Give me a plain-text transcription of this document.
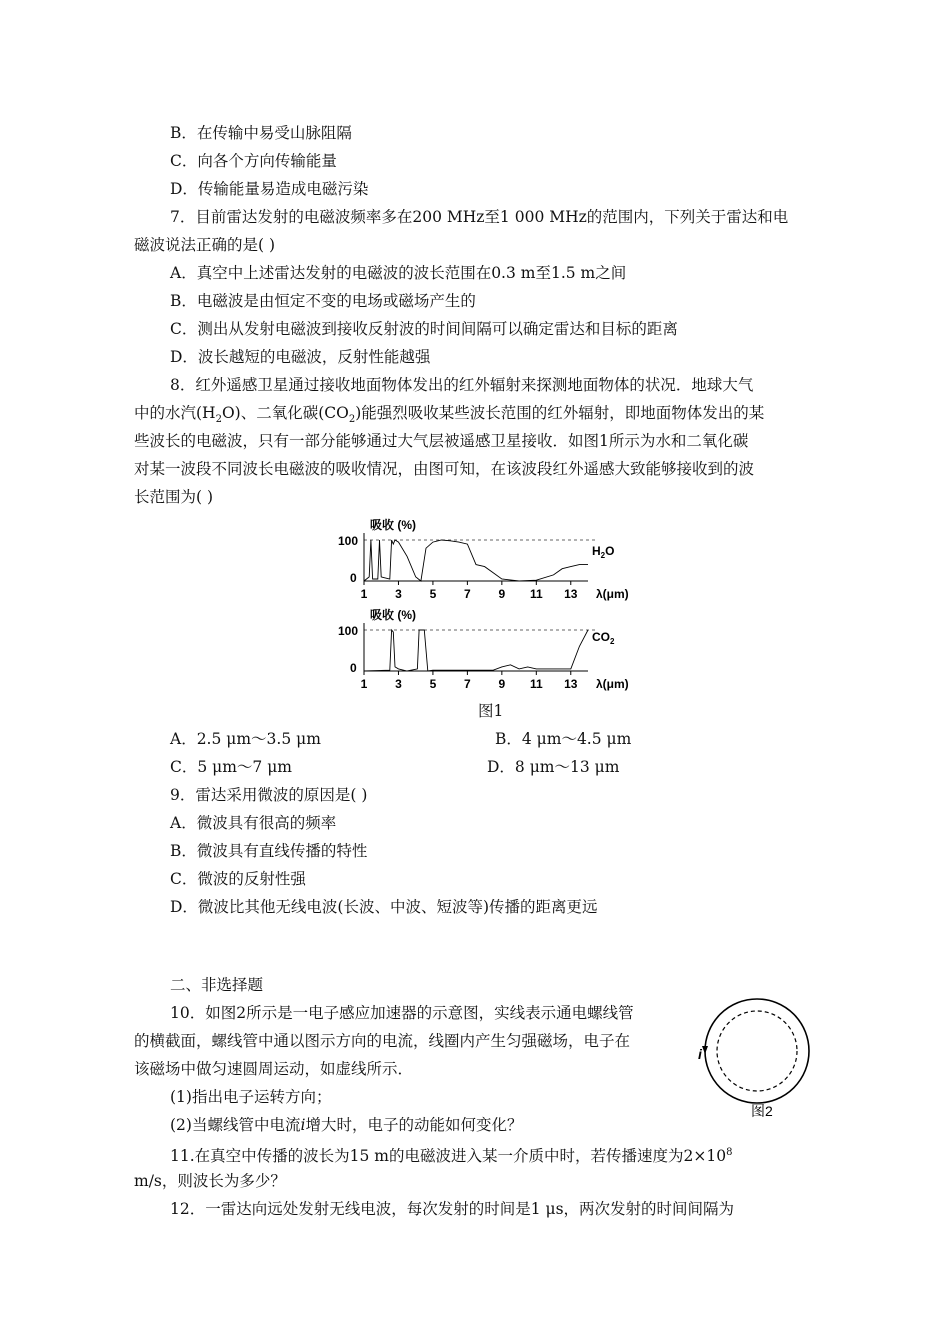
B．在传输中易受山脉阻隔
C．向各个方向传输能量
D．传输能量易造成电磁污染
7．目前雷达发射的电磁波频率多在200 MHz至1 000 MHz的范围内，下列关于雷达和电
磁波说法正确的是( )
A．真空中上述雷达发射的电磁波的波长范围在0.3 m至1.5 m之间
B．电磁波是由恒定不变的电场或磁场产生的
C．测出从发射电磁波到接收反射波的时间间隔可以确定雷达和目标的距离
D．波长越短的电磁波，反射性能越强
8．红外遥感卫星通过接收地面物体发出的红外辐射来探测地面物体的状况．地球大气
中的水汽$(H_2O)$、二氧化碳$(CO_2)$能强烈吸收某些波长范围的红外辐射，即地面物体发出的某
些波长的电磁波，只有一部分能够通过大气层被遥感卫星接收．如图1所示为水和二氧化碳
对某一波段不同波长电磁波的吸收情况，由图可知，在该波段红外遥感大致能够接收到的波
长范围为( )
吸收 (%)
100
0
$H_2O$
1 3 5 7 9 11 13 λ(μm)
吸收 (%)
100
0
$CO_2$
1 3 5 7 9 11 13 λ(μm)
图1
A．2.5 μm～3.5 μm	B．4 μm～4.5 μm
C．5 μm～7 μm	D．8 μm～13 μm
9．雷达采用微波的原因是( )
A．微波具有很高的频率
B．微波具有直线传播的特性
C．微波的反射性强
D．微波比其他无线电波(长波、中波、短波等)传播的距离更远
二、非选择题
10．如图2所示是一电子感应加速器的示意图，实线表示通电螺线管
的横截面，螺线管中通以图示方向的电流，线圈内产生匀强磁场，电子在
该磁场中做匀速圆周运动，如虚线所示．
(1)指出电子运转方向；
(2)当螺线管中电流i增大时，电子的动能如何变化？
i
图2
11.在真空中传播的波长为15 m的电磁波进入某一介质中时，若传播速度为$2\times 10^8$
m/s，则波长为多少？
12．一雷达向远处发射无线电波，每次发射的时间是1 μs，两次发射的时间间隔为
